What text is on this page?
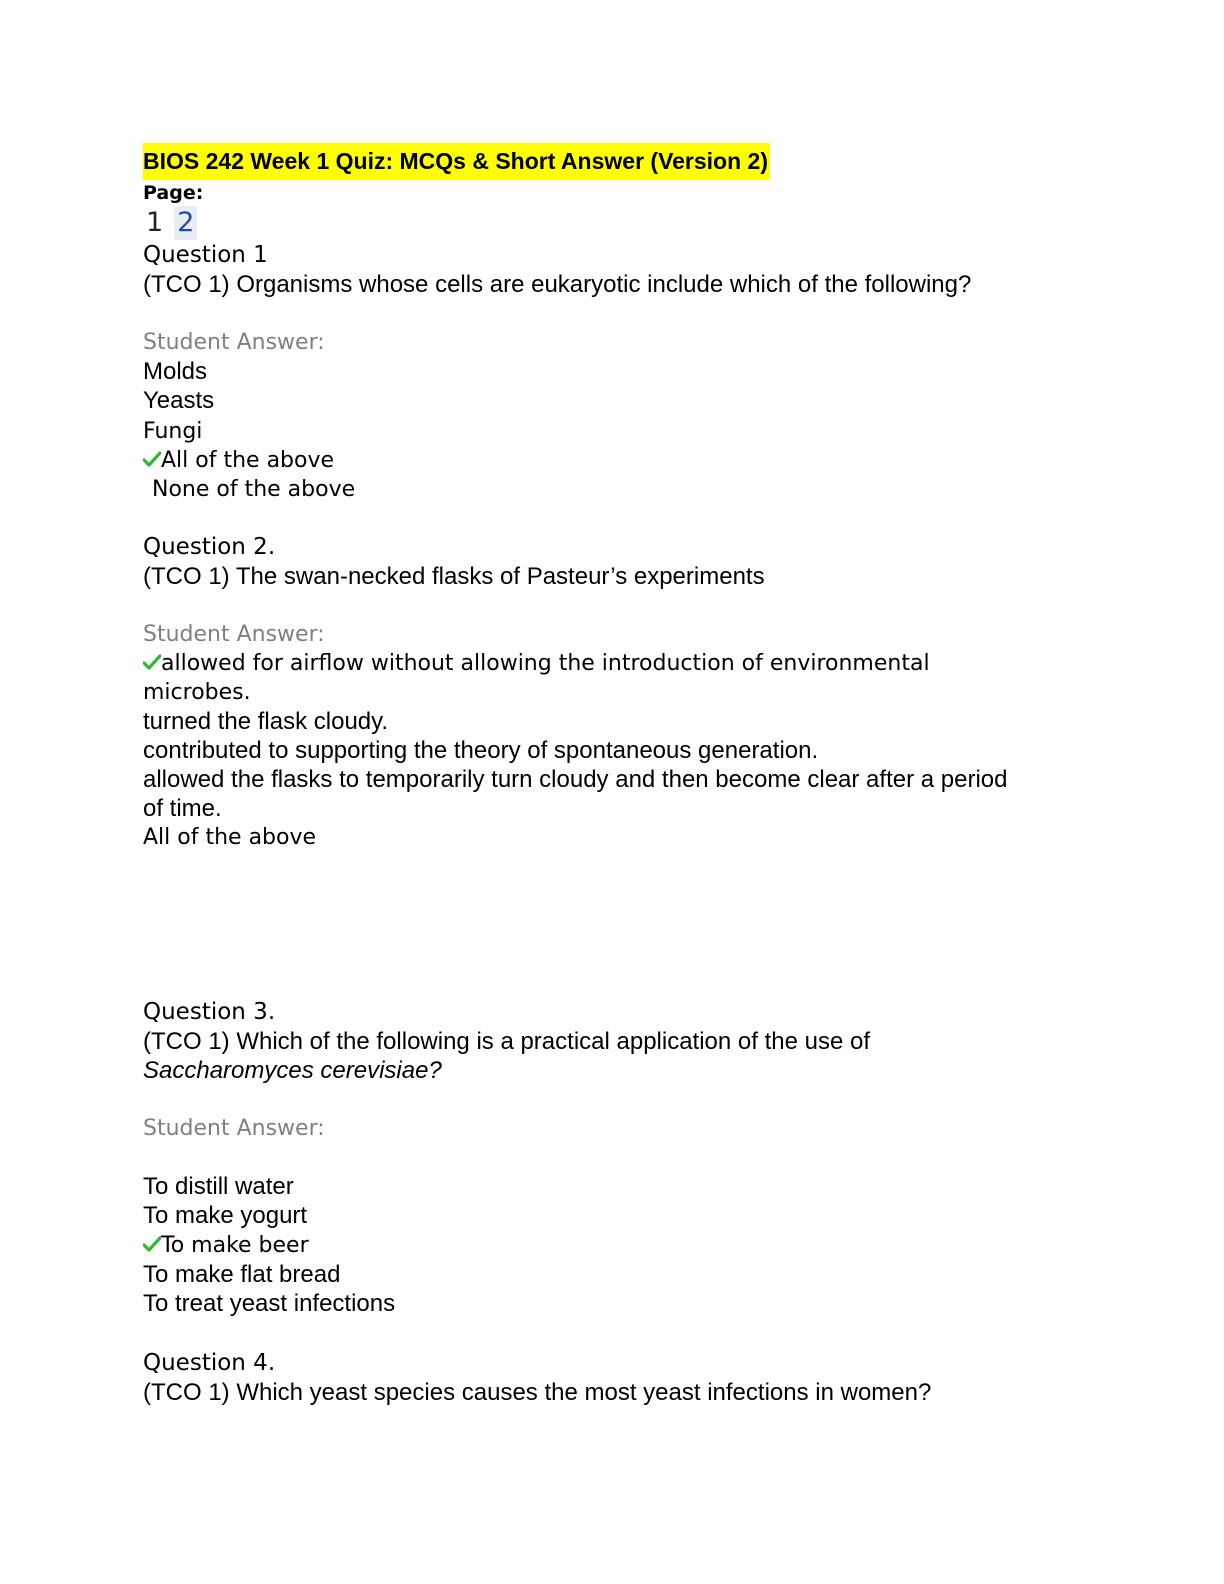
BIOS 242 Week 1 Quiz: MCQs & Short Answer (Version 2)
Page:
1 2
Question 1
(TCO 1) Organisms whose cells are eukaryotic include which of the following?
Student Answer:
Molds
Yeasts
Fungi
All of the above
None of the above
Question 2.
(TCO 1) The swan-necked flasks of Pasteur’s experiments
Student Answer:
allowed for airflow without allowing the introduction of environmental microbes.
turned the flask cloudy.
contributed to supporting the theory of spontaneous generation.
allowed the flasks to temporarily turn cloudy and then become clear after a period of time.
All of the above
Question 3.
(TCO 1) Which of the following is a practical application of the use of
Saccharomyces cerevisiae?
Student Answer:
To distill water
To make yogurt
To make beer
To make flat bread
To treat yeast infections
Question 4.
(TCO 1) Which yeast species causes the most yeast infections in women?
